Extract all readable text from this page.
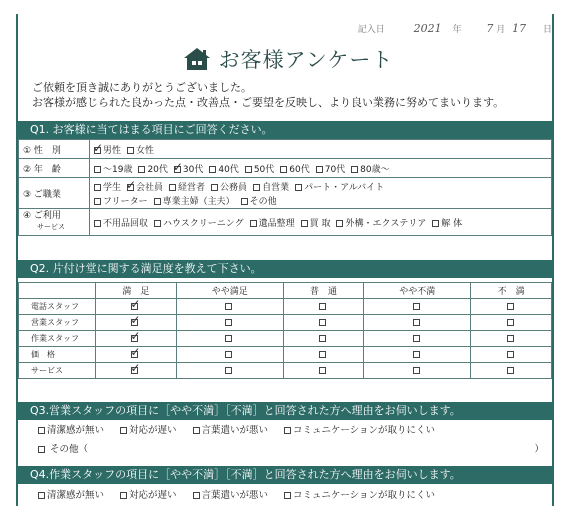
記入日	2021 年 7 月 17 日
お客様アンケート
ご依頼を頂き誠にありがとうございました。
お客様が感じられた良かった点・改善点・ご要望を反映し、より良い業務に努めてまいります。
Q1. お客様に当てはまる項目にご回答ください。
① 性　別	✓男性 女性
② 年　齢	〜19歳 20代 ✓ 30代 40代 50代 60代 70代 80歳〜
③ ご職業	学生 ✓ 会社員 経営者 公務員 自営業 パート・アルバイト
フリーター 専業主婦（主夫） その他

④ ご利用
サービス	不用品回収 ハウスクリーニング 遺品整理 買 取 外構・エクステリア 解 体
Q2. 片付け堂に関する満足度を教えて下さい。
	満　足	やや満足	普　通	やや不満	不　満
電話スタッフ	✓				
営業スタッフ	✓				
作業スタッフ	✓				
価　格	✓				
サービス	✓				
Q3.営業スタッフの項目に［やや不満］［不満］と回答された方へ理由をお伺いします。
清潔感が無い	対応が遅い	言葉遣いが悪い	コミュニケーションが取りにくい
その他（	）
Q4.作業スタッフの項目に［やや不満］［不満］と回答された方へ理由をお伺いします。
清潔感が無い	対応が遅い	言葉遣いが悪い	コミュニケーションが取りにくい
